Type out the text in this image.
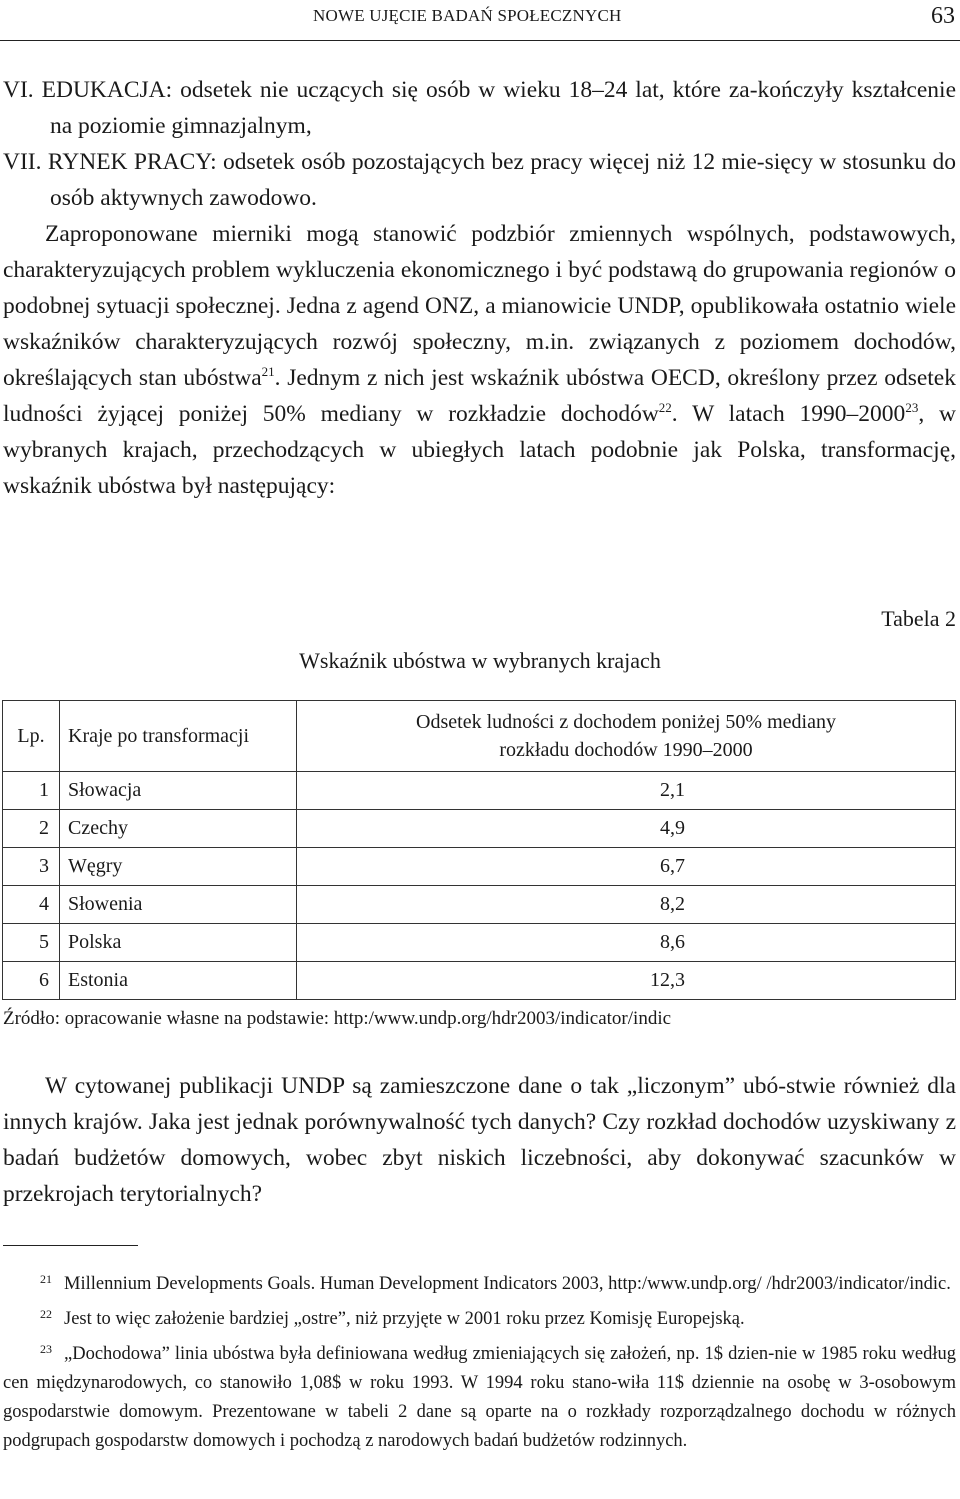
NOWE UJĘCIE BADAŃ SPOŁECZNYCH	63

VI. EDUKACJA: odsetek nie uczących się osób w wieku 18–24 lat, które za-kończyły kształcenie na poziomie gimnazjalnym,

VII. RYNEK PRACY: odsetek osób pozostających bez pracy więcej niż 12 mie-sięcy w stosunku do osób aktywnych zawodowo.

Zaproponowane mierniki mogą stanowić podzbiór zmiennych wspólnych, podstawowych, charakteryzujących problem wykluczenia ekonomicznego i być podstawą do grupowania regionów o podobnej sytuacji społecznej. Jedna z agend ONZ, a mianowicie UNDP, opublikowała ostatnio wiele wskaźników charakteryzujących rozwój społeczny, m.in. związanych z poziomem dochodów, określających stan ubóstwa$^{21}$. Jednym z nich jest wskaźnik ubóstwa OECD, określony przez odsetek ludności żyjącej poniżej 50% mediany w rozkładzie dochodów$^{22}$. W latach 1990–2000$^{23}$, w wybranych krajach, przechodzących w ubiegłych latach podobnie jak Polska, transformację, wskaźnik ubóstwa był następujący:

Tabela 2
Wskaźnik ubóstwa w wybranych krajach
Lp.	Kraje po transformacji	Odsetek ludności z dochodem poniżej 50% mediany
rozkładu dochodów 1990–2000
1	Słowacja	2,1
2	Czechy	4,9
3	Węgry	6,7
4	Słowenia	8,2
5	Polska	8,6
6	Estonia	12,3
Źródło: opracowanie własne na podstawie: http:/www.undp.org/hdr2003/indicator/indic

W cytowanej publikacji UNDP są zamieszczone dane o tak „liczonym” ubó-stwie również dla innych krajów. Jaka jest jednak porównywalność tych danych? Czy rozkład dochodów uzyskiwany z badań budżetów domowych, wobec zbyt niskich liczebności, aby dokonywać szacunków w przekrojach terytorialnych?

$^{21}$ Millennium Developments Goals. Human Development Indicators 2003, http:/www.undp.org/ /hdr2003/indicator/indic.

$^{22}$ Jest to więc założenie bardziej „ostre”, niż przyjęte w 2001 roku przez Komisję Europejską.

$^{23}$ „Dochodowa” linia ubóstwa była definiowana według zmieniających się założeń, np. 1$ dzien-nie w 1985 roku według cen międzynarodowych, co stanowiło 1,08$ w roku 1993. W 1994 roku stano-wiła 11$ dziennie na osobę w 3-osobowym gospodarstwie domowym. Prezentowane w tabeli 2 dane są oparte na o rozkłady rozporządzalnego dochodu w różnych podgrupach gospodarstw domowych i pochodzą z narodowych badań budżetów rodzinnych.
